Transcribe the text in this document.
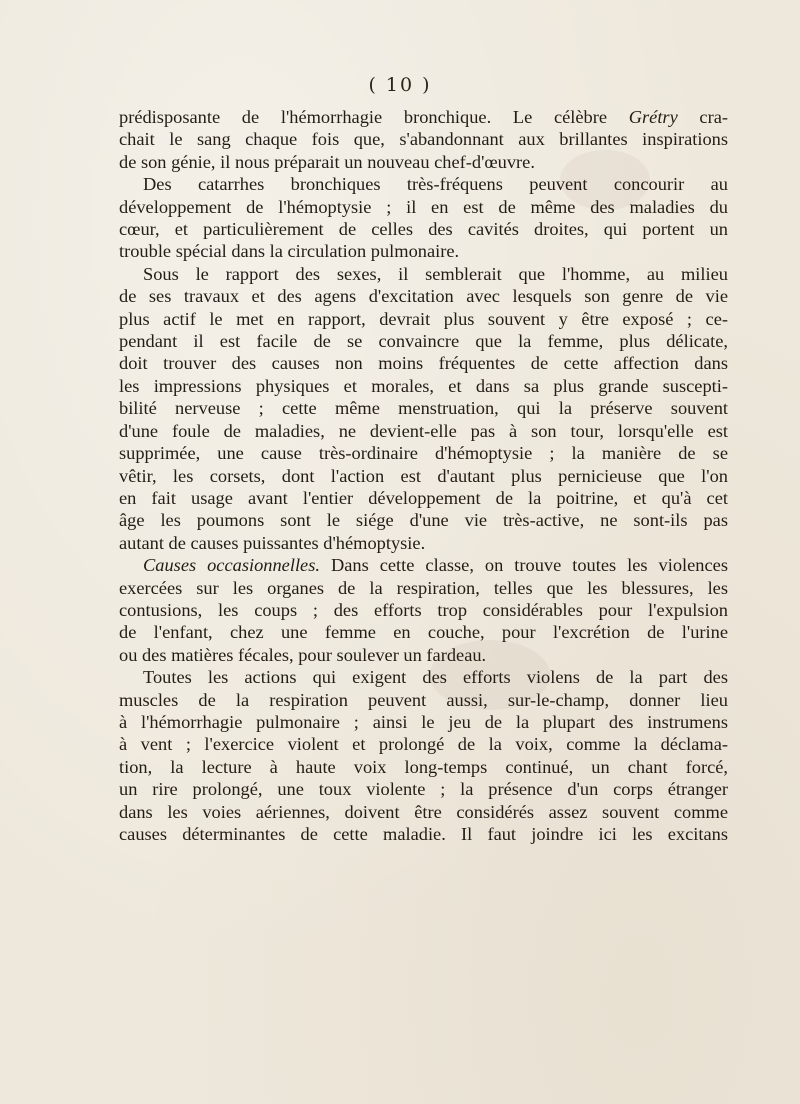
( 10 )

prédisposante de l'hémorrhagie bronchique. Le célèbre Grétry cra-
chait le sang chaque fois que, s'abandonnant aux brillantes inspirations
de son génie, il nous préparait un nouveau chef-d'œuvre.

Des catarrhes bronchiques très-fréquens peuvent concourir au
développement de l'hémoptysie ; il en est de même des maladies du
cœur, et particulièrement de celles des cavités droites, qui portent un
trouble spécial dans la circulation pulmonaire.

Sous le rapport des sexes, il semblerait que l'homme, au milieu
de ses travaux et des agens d'excitation avec lesquels son genre de vie
plus actif le met en rapport, devrait plus souvent y être exposé ; ce-
pendant il est facile de se convaincre que la femme, plus délicate,
doit trouver des causes non moins fréquentes de cette affection dans
les impressions physiques et morales, et dans sa plus grande suscepti-
bilité nerveuse ; cette même menstruation, qui la préserve souvent
d'une foule de maladies, ne devient-elle pas à son tour, lorsqu'elle est
supprimée, une cause très-ordinaire d'hémoptysie ; la manière de se
vêtir, les corsets, dont l'action est d'autant plus pernicieuse que l'on
en fait usage avant l'entier développement de la poitrine, et qu'à cet
âge les poumons sont le siége d'une vie très-active, ne sont-ils pas
autant de causes puissantes d'hémoptysie.

Causes occasionnelles. Dans cette classe, on trouve toutes les violences
exercées sur les organes de la respiration, telles que les blessures, les
contusions, les coups ; des efforts trop considérables pour l'expulsion
de l'enfant, chez une femme en couche, pour l'excrétion de l'urine
ou des matières fécales, pour soulever un fardeau.

Toutes les actions qui exigent des efforts violens de la part des
muscles de la respiration peuvent aussi, sur-le-champ, donner lieu
à l'hémorrhagie pulmonaire ; ainsi le jeu de la plupart des instrumens
à vent ; l'exercice violent et prolongé de la voix, comme la déclama-
tion, la lecture à haute voix long-temps continué, un chant forcé,
un rire prolongé, une toux violente ; la présence d'un corps étranger
dans les voies aériennes, doivent être considérés assez souvent comme
causes déterminantes de cette maladie. Il faut joindre ici les excitans
